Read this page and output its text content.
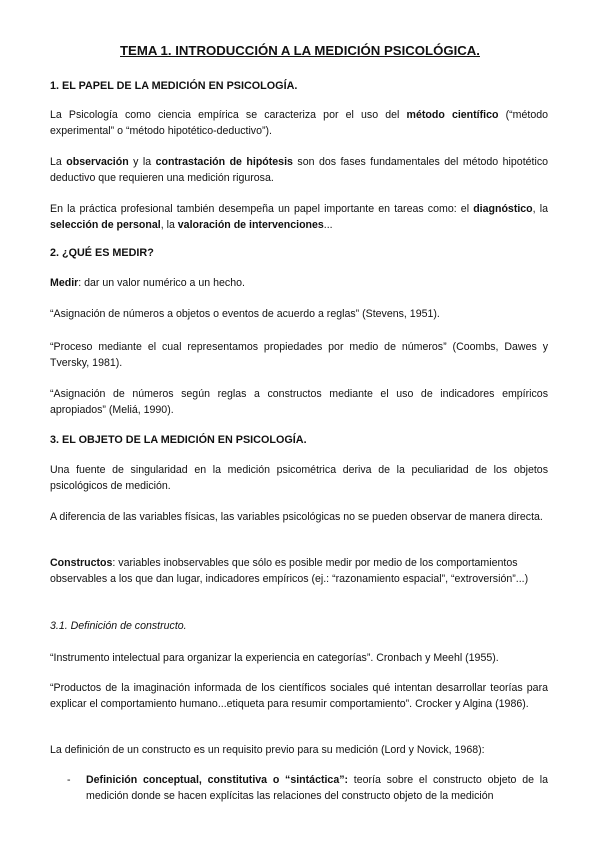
TEMA 1. INTRODUCCIÓN A LA MEDICIÓN PSICOLÓGICA.
1. EL PAPEL DE LA MEDICIÓN EN PSICOLOGÍA.
La Psicología como ciencia empírica se caracteriza por el uso del método científico (“método experimental” o “método hipotético-deductivo”).
La observación y la contrastación de hipótesis son dos fases fundamentales del método hipotético deductivo que requieren una medición rigurosa.
En la práctica profesional también desempeña un papel importante en tareas como: el diagnóstico, la selección de personal, la valoración de intervenciones...
2. ¿QUÉ ES MEDIR?
Medir: dar un valor numérico a un hecho.
“Asignación de números a objetos o eventos de acuerdo a reglas” (Stevens, 1951).
“Proceso mediante el cual representamos propiedades por medio de números” (Coombs, Dawes y Tversky, 1981).
“Asignación de números según reglas a constructos mediante el uso de indicadores empíricos apropiados” (Meliá, 1990).
3. EL OBJETO DE LA MEDICIÓN EN PSICOLOGÍA.
Una fuente de singularidad en la medición psicométrica deriva de la peculiaridad de los objetos psicológicos de medición.
A diferencia de las variables físicas, las variables psicológicas no se pueden observar de manera directa.
Constructos: variables inobservables que sólo es posible medir por medio de los comportamientos observables a los que dan lugar, indicadores empíricos (ej.: “razonamiento espacial”, “extroversión”...)
3.1. Definición de constructo.
“Instrumento intelectual para organizar la experiencia en categorías”. Cronbach y Meehl (1955).
“Productos de la imaginación informada de los científicos sociales qué intentan desarrollar teorías para explicar el comportamiento humano...etiqueta para resumir comportamiento”. Crocker y Algina (1986).
La definición de un constructo es un requisito previo para su medición (Lord y Novick, 1968):
- Definición conceptual, constitutiva o “sintáctica”: teoría sobre el constructo objeto de la medición donde se hacen explícitas las relaciones del constructo objeto de la medición
